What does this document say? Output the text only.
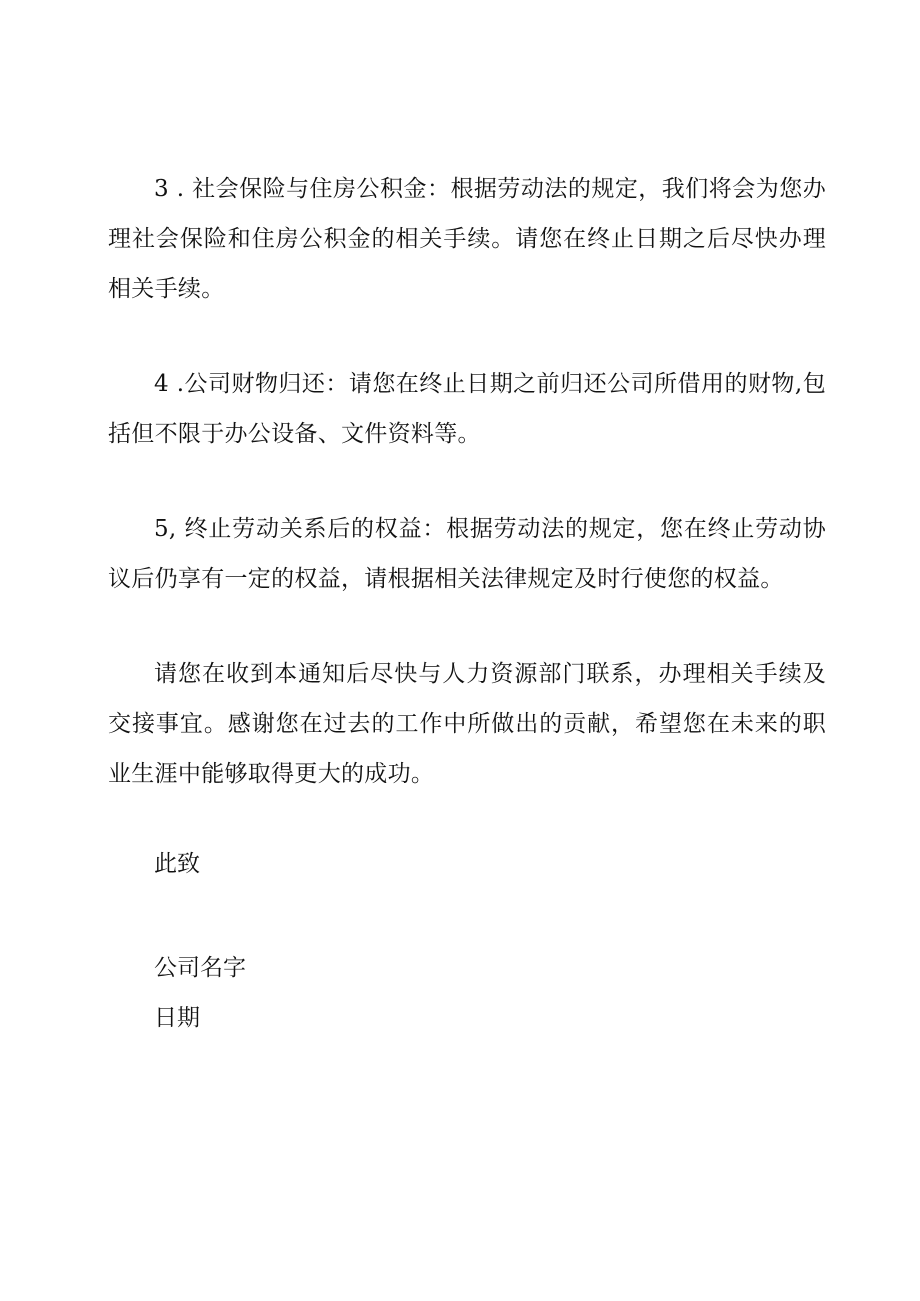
3 . 社会保险与住房公积金：根据劳动法的规定，我们将会为您办理社会保险和住房公积金的相关手续。请您在终止日期之后尽快办理相关手续。

4 .公司财物归还：请您在终止日期之前归还公司所借用的财物,包括但不限于办公设备、文件资料等。

5, 终止劳动关系后的权益：根据劳动法的规定，您在终止劳动协议后仍享有一定的权益，请根据相关法律规定及时行使您的权益。

请您在收到本通知后尽快与人力资源部门联系，办理相关手续及交接事宜。感谢您在过去的工作中所做出的贡献，希望您在未来的职业生涯中能够取得更大的成功。

此致
公司名字
日期
